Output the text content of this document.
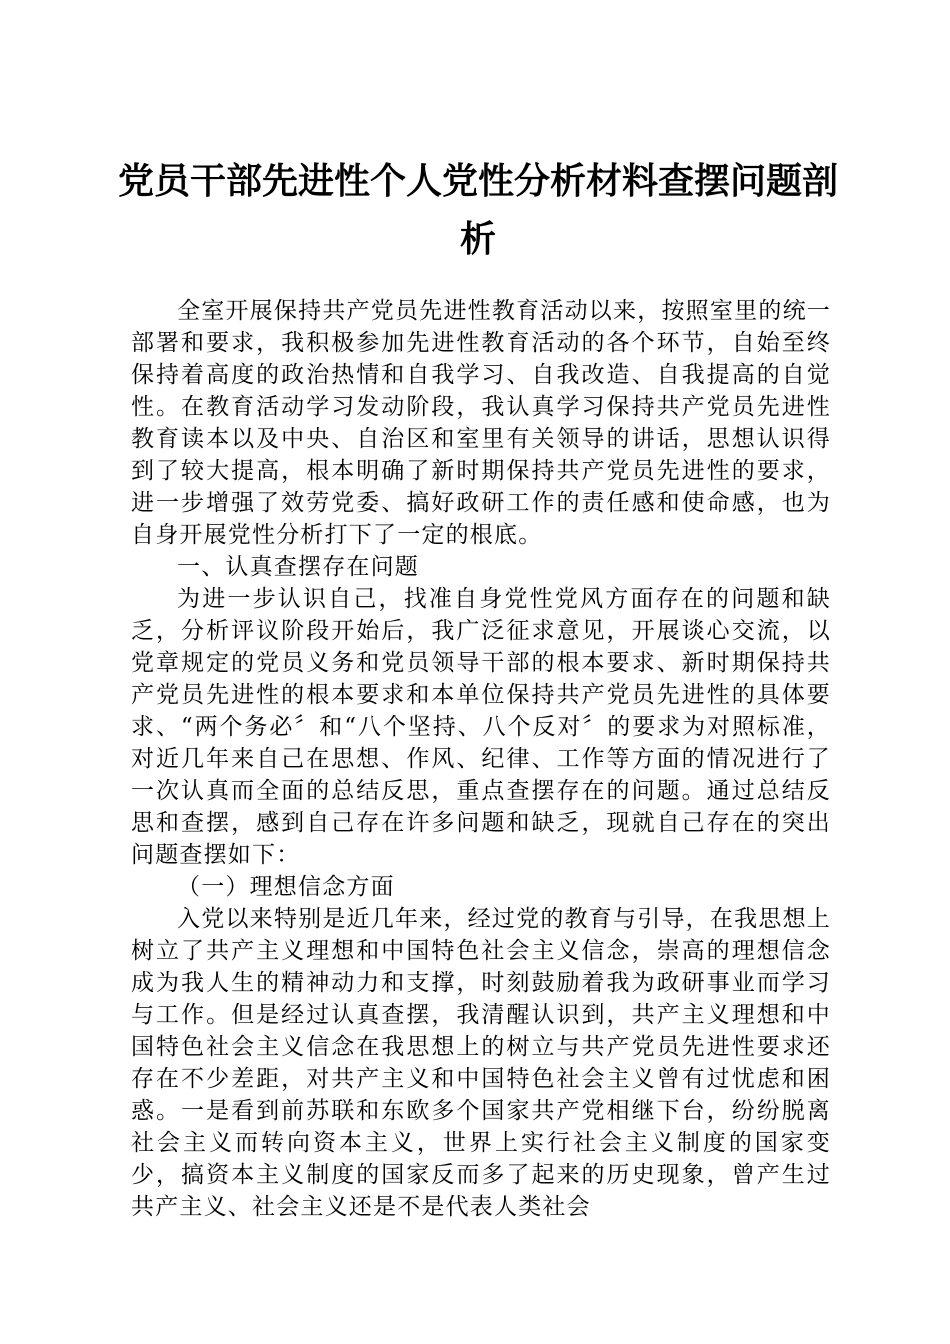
党员干部先进性个人党性分析材料查摆问题剖析

全室开展保持共产党员先进性教育活动以来，按照室里的统一部署和要求，我积极参加先进性教育活动的各个环节，自始至终保持着高度的政治热情和自我学习、自我改造、自我提高的自觉性。在教育活动学习发动阶段，我认真学习保持共产党员先进性教育读本以及中央、自治区和室里有关领导的讲话，思想认识得到了较大提高，根本明确了新时期保持共产党员先进性的要求，进一步增强了效劳党委、搞好政研工作的责任感和使命感，也为自身开展党性分析打下了一定的根底。

一、认真查摆存在问题

为进一步认识自己，找准自身党性党风方面存在的问题和缺乏，分析评议阶段开始后，我广泛征求意见，开展谈心交流，以党章规定的党员义务和党员领导干部的根本要求、新时期保持共产党员先进性的根本要求和本单位保持共产党员先进性的具体要求、“两个务必〞和“八个坚持、八个反对〞的要求为对照标准，对近几年来自己在思想、作风、纪律、工作等方面的情况进行了一次认真而全面的总结反思，重点查摆存在的问题。通过总结反思和查摆，感到自己存在许多问题和缺乏，现就自己存在的突出问题查摆如下：

（一）理想信念方面

入党以来特别是近几年来，经过党的教育与引导，在我思想上树立了共产主义理想和中国特色社会主义信念，崇高的理想信念成为我人生的精神动力和支撑，时刻鼓励着我为政研事业而学习与工作。但是经过认真查摆，我清醒认识到，共产主义理想和中国特色社会主义信念在我思想上的树立与共产党员先进性要求还存在不少差距，对共产主义和中国特色社会主义曾有过忧虑和困惑。一是看到前苏联和东欧多个国家共产党相继下台，纷纷脱离社会主义而转向资本主义，世界上实行社会主义制度的国家变少，搞资本主义制度的国家反而多了起来的历史现象，曾产生过共产主义、社会主义还是不是代表人类社会
